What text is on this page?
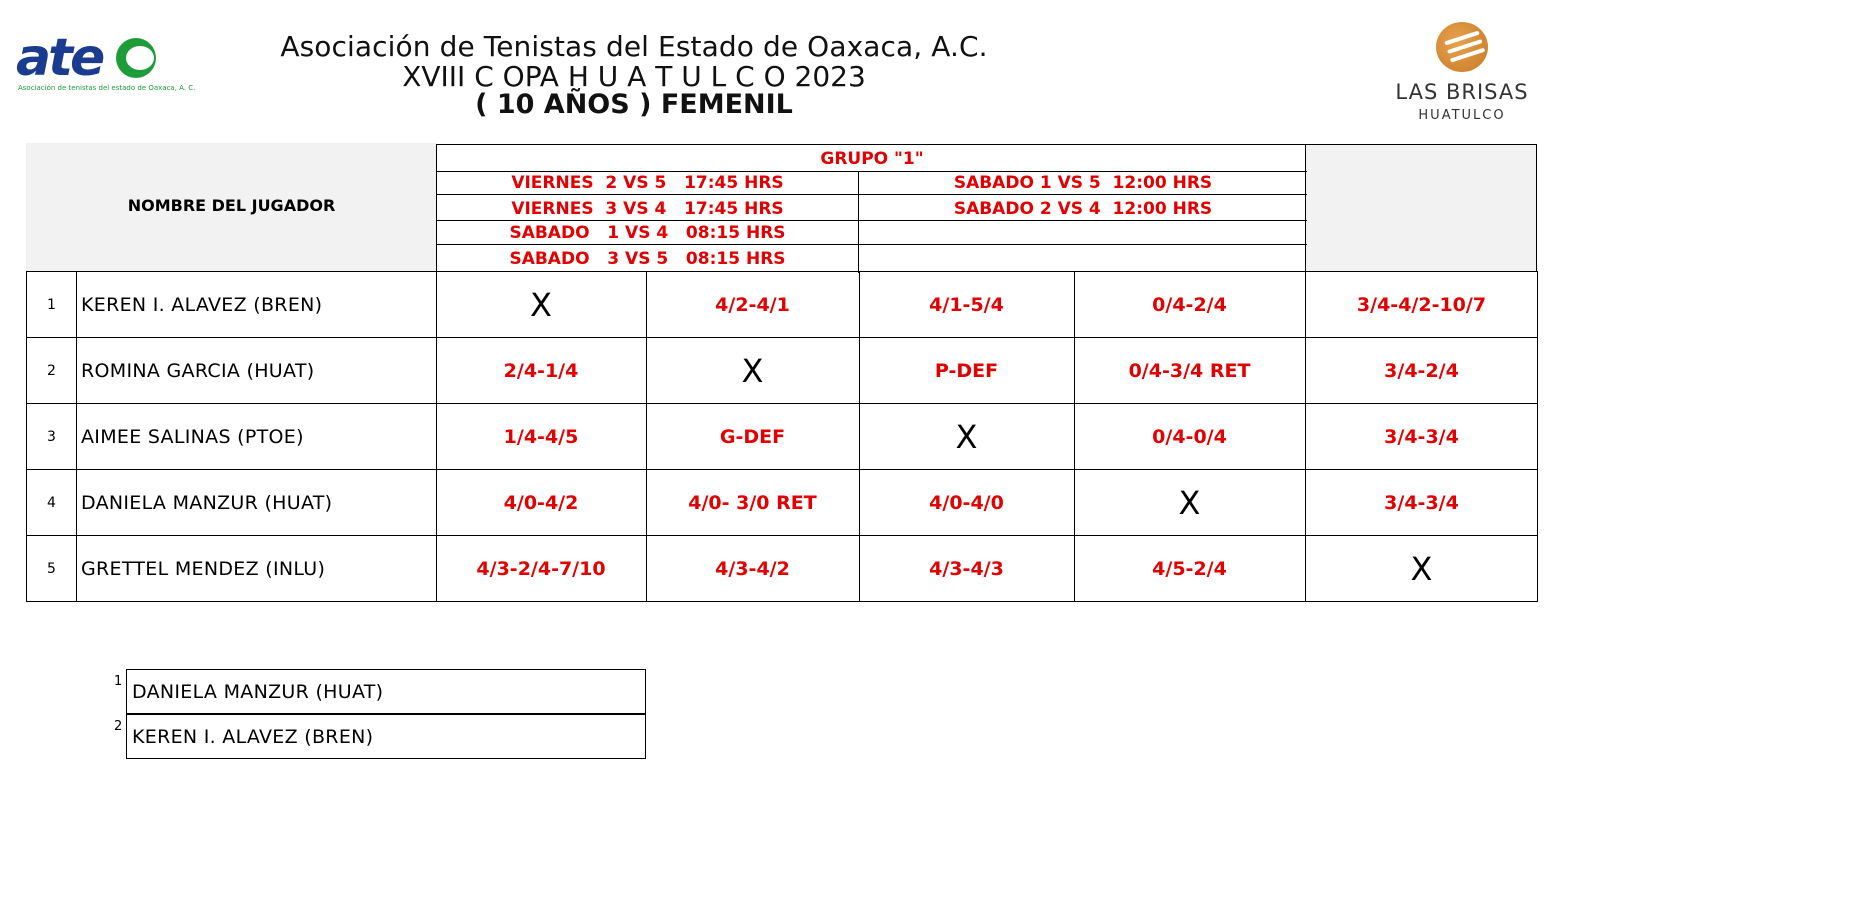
Asociación de Tenistas del Estado de Oaxaca, A.C.
XVIII C OPA H U A T U L C O 2023
( 10 AÑOS ) FEMENIL
ate
Asociación de tenistas del estado de Oaxaca, A. C.	LAS BRISAS
HUATULCO
NOMBRE DEL JUGADOR
GRUPO "1"
VIERNES  2 VS 5   17:45 HRS	SABADO 1 VS 5  12:00 HRS
VIERNES  3 VS 4   17:45 HRS	SABADO 2 VS 4  12:00 HRS
SABADO   1 VS 4   08:15 HRS
SABADO   3 VS 5   08:15 HRS
1	KEREN I. ALAVEZ (BREN)	X	4/2-4/1	4/1-5/4	0/4-2/4	3/4-4/2-10/7
2	ROMINA GARCIA (HUAT)	2/4-1/4	X	P-DEF	0/4-3/4 RET	3/4-2/4
3	AIMEE SALINAS (PTOE)	1/4-4/5	G-DEF	X	0/4-0/4	3/4-3/4
4	DANIELA MANZUR (HUAT)	4/0-4/2	4/0- 3/0 RET	4/0-4/0	X	3/4-3/4
5	GRETTEL MENDEZ (INLU)	4/3-2/4-7/10	4/3-4/2	4/3-4/3	4/5-2/4	X
1 DANIELA MANZUR (HUAT)
2 KEREN I. ALAVEZ (BREN)
